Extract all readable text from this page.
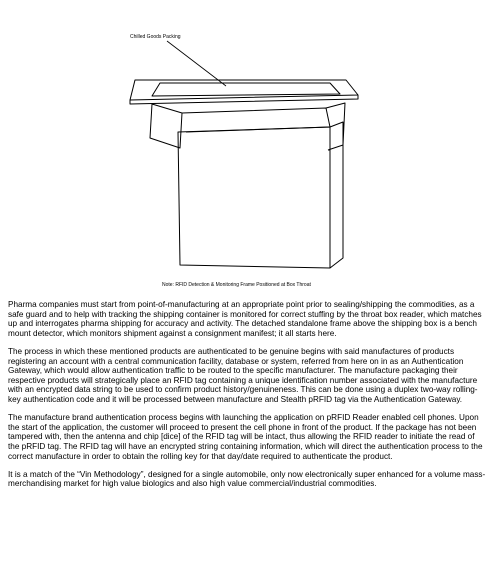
Chilled Goods Packing
Note: RFID Detection & Monitoring Frame Positioned at Box Throat

Pharma companies must start from point-of-manufacturing at an appropriate point prior to sealing/shipping the commodities, as a safe guard and to help with tracking the shipping container is monitored for correct stuffing by the throat box reader, which matches up and interrogates pharma shipping for accuracy and activity. The detached standalone frame above the shipping box is a bench mount detector, which monitors shipment against a consignment manifest; it all starts here.

The process in which these mentioned products are authenticated to be genuine begins with said manufactures of products registering an account with a central communication facility, database or system, referred from here on in as an Authentication Gateway, which would allow authentication traffic to be routed to the specific manufacturer. The manufacture packaging their respective products will strategically place an RFID tag containing a unique identification number associated with the manufacture with an encrypted data string to be used to confirm product history/genuineness. This can be done using a duplex two-way rolling-key authentication code and it will be processed between manufacture and Stealth pRFID tag via the Authentication Gateway.

The manufacture brand authentication process begins with launching the application on pRFID Reader enabled cell phones. Upon the start of the application, the customer will proceed to present the cell phone in front of the product. If the package has not been tampered with, then the antenna and chip [dice] of the RFID tag will be intact, thus allowing the RFID reader to initiate the read of the pRFID tag. The RFID tag will have an encrypted string containing information, which will direct the authentication process to the correct manufacture in order to obtain the rolling key for that day/date required to authenticate the product.

It is a match of the “Vin Methodology”, designed for a single automobile, only now electronically super enhanced for a volume mass-merchandising market for high value biologics and also high value commercial/industrial commodities.
